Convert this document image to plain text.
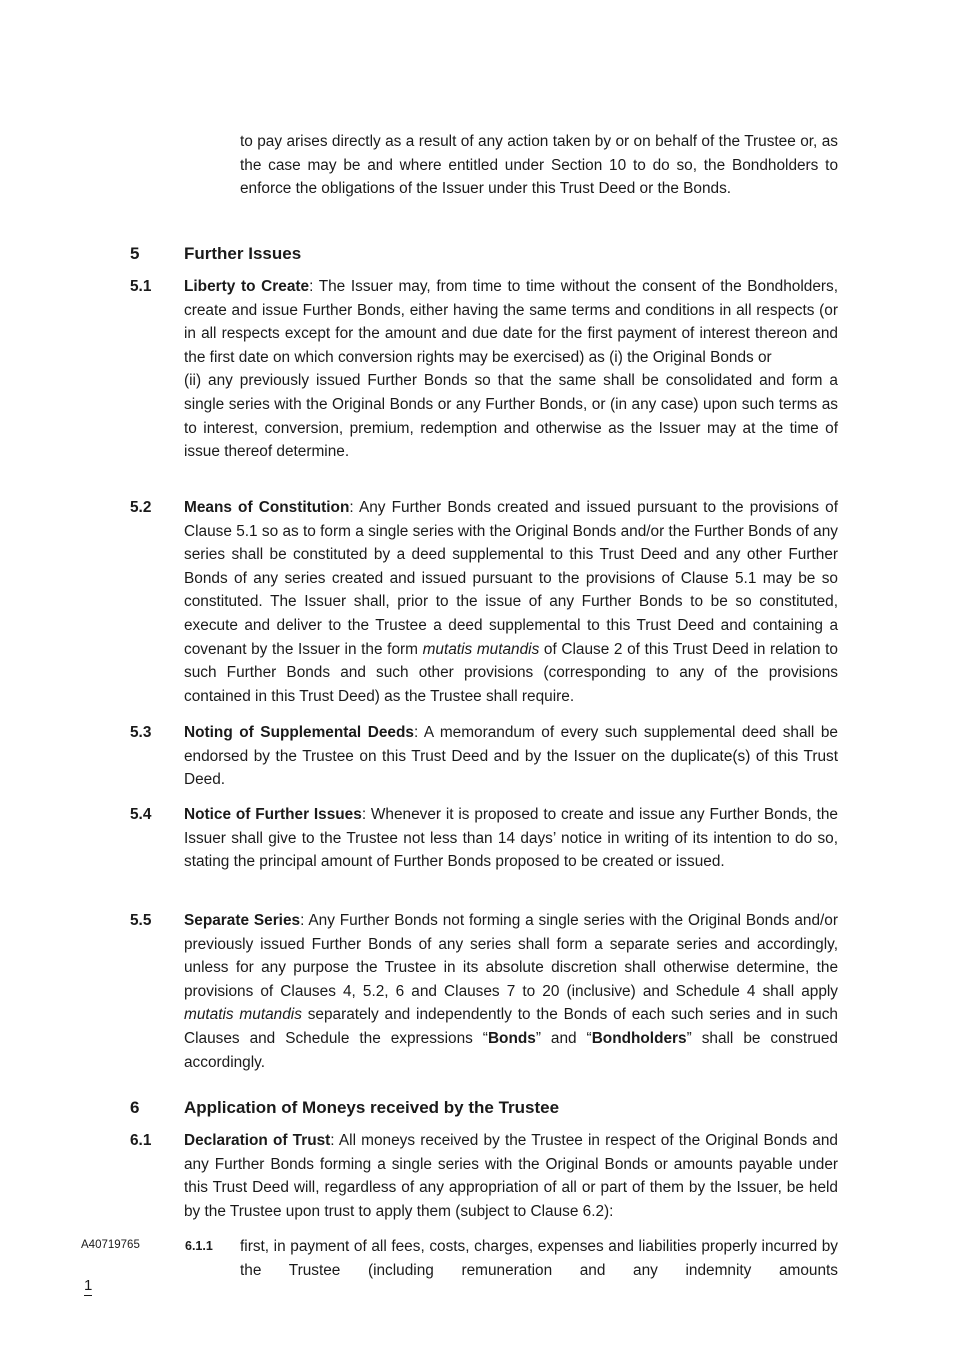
to pay arises directly as a result of any action taken by or on behalf of the Trustee or, as the case may be and where entitled under Section 10 to do so, the Bondholders to enforce the obligations of the Issuer under this Trust Deed or the Bonds.
5	Further Issues
5.1	Liberty to Create: The Issuer may, from time to time without the consent of the Bondholders, create and issue Further Bonds, either having the same terms and conditions in all respects (or in all respects except for the amount and due date for the first payment of interest thereon and the first date on which conversion rights may be exercised) as (i) the Original Bonds or
(ii) any previously issued Further Bonds so that the same shall be consolidated and form a single series with the Original Bonds or any Further Bonds, or (in any case) upon such terms as to interest, conversion, premium, redemption and otherwise as the Issuer may at the time of issue thereof determine.
5.2	Means of Constitution: Any Further Bonds created and issued pursuant to the provisions of Clause 5.1 so as to form a single series with the Original Bonds and/or the Further Bonds of any series shall be constituted by a deed supplemental to this Trust Deed and any other Further Bonds of any series created and issued pursuant to the provisions of Clause 5.1 may be so constituted. The Issuer shall, prior to the issue of any Further Bonds to be so constituted, execute and deliver to the Trustee a deed supplemental to this Trust Deed and containing a covenant by the Issuer in the form mutatis mutandis of Clause 2 of this Trust Deed in relation to such Further Bonds and such other provisions (corresponding to any of the provisions contained in this Trust Deed) as the Trustee shall require.
5.3	Noting of Supplemental Deeds: A memorandum of every such supplemental deed shall be endorsed by the Trustee on this Trust Deed and by the Issuer on the duplicate(s) of this Trust Deed.
5.4	Notice of Further Issues: Whenever it is proposed to create and issue any Further Bonds, the Issuer shall give to the Trustee not less than 14 days’ notice in writing of its intention to do so, stating the principal amount of Further Bonds proposed to be created or issued.
5.5	Separate Series: Any Further Bonds not forming a single series with the Original Bonds and/or previously issued Further Bonds of any series shall form a separate series and accordingly, unless for any purpose the Trustee in its absolute discretion shall otherwise determine, the provisions of Clauses 4, 5.2, 6 and Clauses 7 to 20 (inclusive) and Schedule 4 shall apply mutatis mutandis separately and independently to the Bonds of each such series and in such Clauses and Schedule the expressions “Bonds” and “Bondholders” shall be construed accordingly.
6	Application of Moneys received by the Trustee
6.1	Declaration of Trust: All moneys received by the Trustee in respect of the Original Bonds and any Further Bonds forming a single series with the Original Bonds or amounts payable under this Trust Deed will, regardless of any appropriation of all or part of them by the Issuer, be held by the Trustee upon trust to apply them (subject to Clause 6.2):
6.1.1	first, in payment of all fees, costs, charges, expenses and liabilities properly incurred by the Trustee (including remuneration and any indemnity amounts
A40719765
1
